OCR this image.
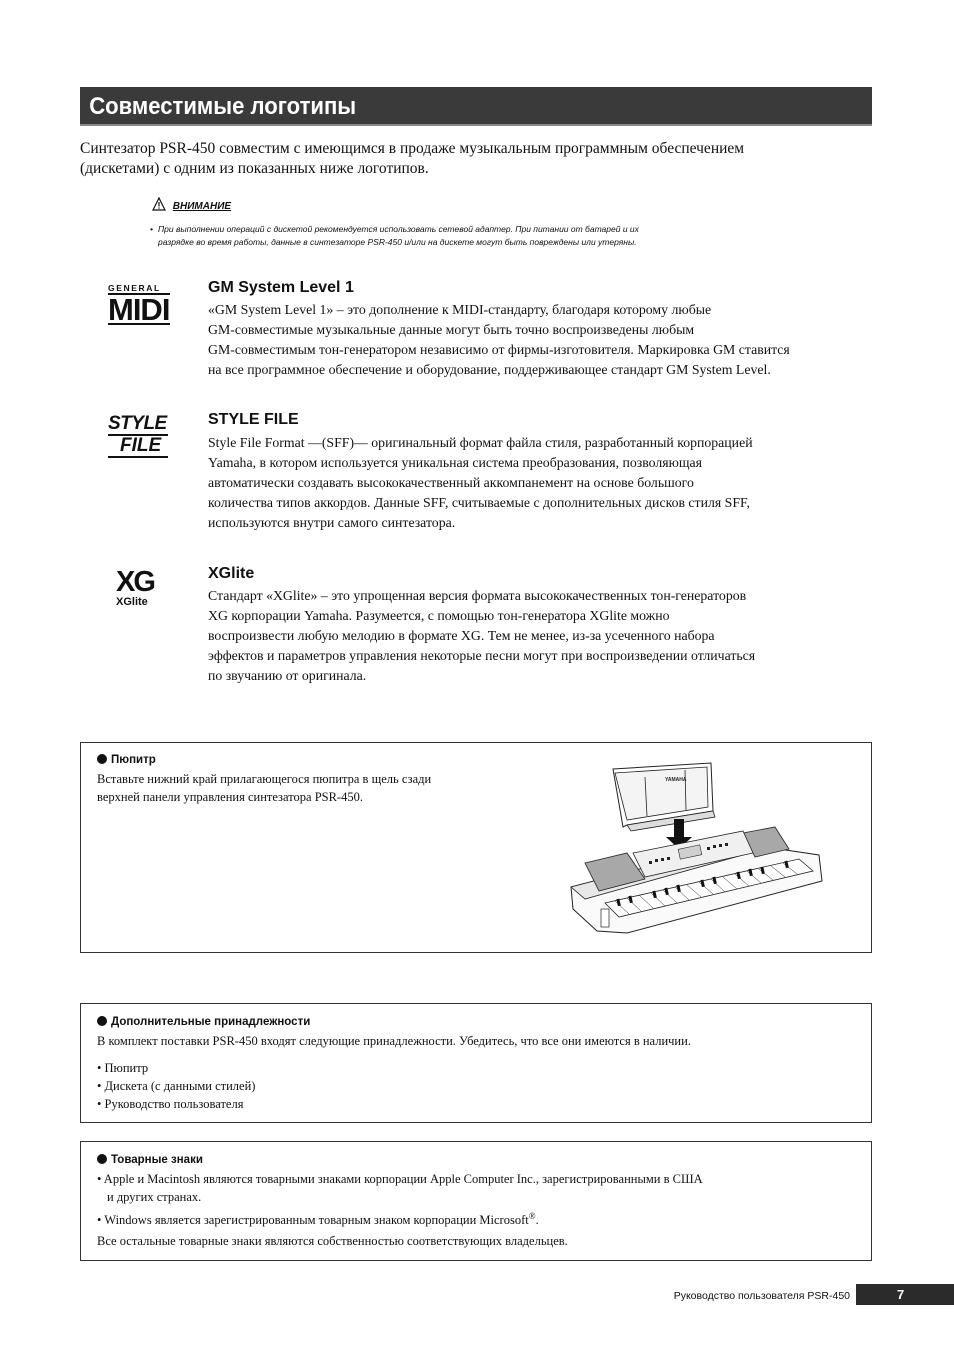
Совместимые логотипы
Синтезатор PSR-450 совместим с имеющимся в продаже музыкальным программным обеспечением
(дискетами) с одним из показанных ниже логотипов.
ВНИМАНИЕ
• При выполнении операций с дискетой рекомендуется использовать сетевой адаптер. При питании от батарей и их
разрядке во время работы, данные в синтезаторе PSR-450 и/или на дискете могут быть повреждены или утеряны.
GENERAL
MIDI
GM System Level 1
«GM System Level 1» – это дополнение к MIDI-стандарту, благодаря которому любые
GM-совместимые музыкальные данные могут быть точно воспроизведены любым
GM-совместимым тон-генератором независимо от фирмы-изготовителя. Маркировка GM ставится
на все программное обеспечение и оборудование, поддерживающее стандарт GM System Level.
STYLE
FILE
STYLE FILE
Style File Format —(SFF)— оригинальный формат файла стиля, разработанный корпорацией
Yamaha, в котором используется уникальная система преобразования, позволяющая
автоматически создавать высококачественный аккомпанемент на основе большого
количества типов аккордов. Данные SFF, считываемые с дополнительных дисков стиля SFF,
используются внутри самого синтезатора.
XG
XGlite
XGlite
Стандарт «XGlite» – это упрощенная версия формата высококачественных тон-генераторов
XG корпорации Yamaha. Разумеется, с помощью тон-генератора XGlite можно
воспроизвести любую мелодию в формате XG. Тем не менее, из-за усеченного набора
эффектов и параметров управления некоторые песни могут при воспроизведении отличаться
по звучанию от оригинала.
Пюпитр
Вставьте нижний край прилагающегося пюпитра в щель сзади
верхней панели управления синтезатора PSR-450.
YAMAHA
Дополнительные принадлежности
В комплект поставки PSR-450 входят следующие принадлежности. Убедитесь, что все они имеются в наличии.
• Пюпитр
• Дискета (с данными стилей)
• Руководство пользователя
Товарные знаки
• Apple и Macintosh являются товарными знаками корпорации Apple Computer Inc., зарегистрированными в США
и других странах.
• Windows является зарегистрированным товарным знаком корпорации Microsoft®.
Все остальные товарные знаки являются собственностью соответствующих владельцев.
Руководство пользователя PSR-450	7
